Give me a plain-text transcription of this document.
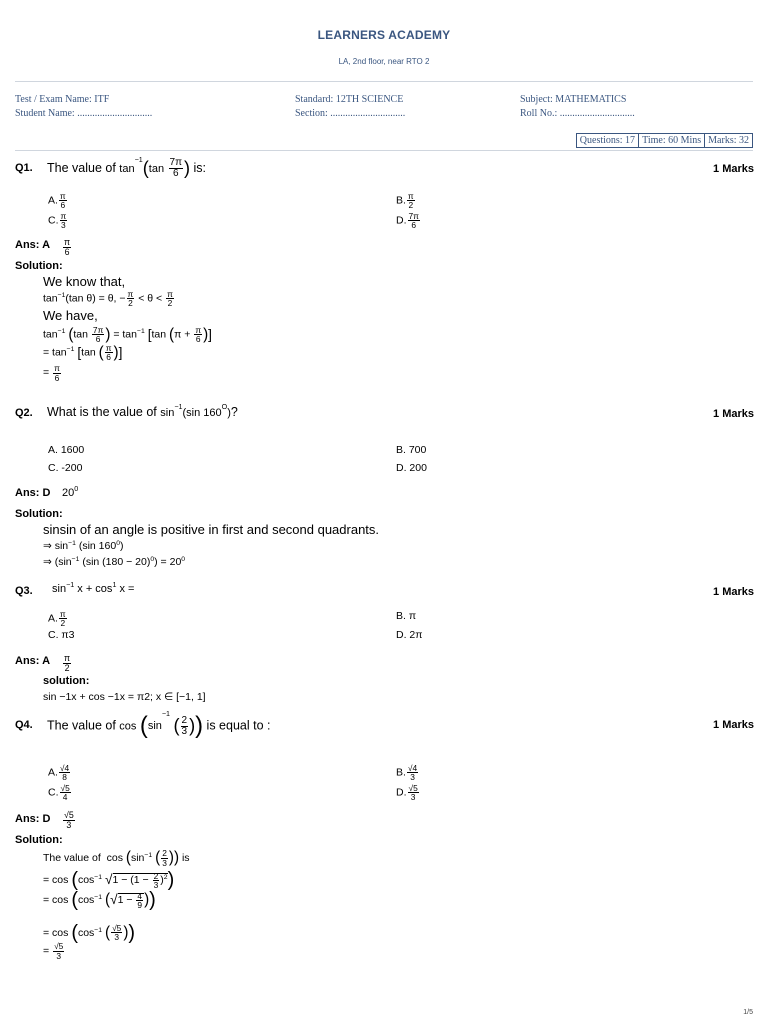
LEARNERS ACADEMY
LA, 2nd floor, near RTO 2
Test / Exam Name: ITF
Student Name: ..............................
Standard: 12TH SCIENCE
Section: ..............................
Subject: MATHEMATICS
Roll No.: ..............................
Questions: 17 Time: 60 Mins Marks: 32
Q1. The value of $\tan^{-1}(\tan \frac{7\pi}{6}$ ) is:	1 Marks
A. $\frac{\pi}{6}$	B. $\frac{\pi}{2}$
C. $\frac{\pi}{3}$	D. $\frac{7\pi}{6}$
Ans: A $\frac{\pi}{6}$
Solution:
We know that,
$\tan^{-1}(\tan$ θ) = θ, − $\frac{\pi}{2} < \theta < \frac{\pi}{2}$
We have,
$\tan^{-1} (\tan \frac{7\pi}{6}$ ) = $\tan^{-1} [\tan$ ($\pi + \frac{\pi}{6}$ )]
= $\tan^{-1} [\tan$ ( $\frac{\pi}{6}$ )]
= $\frac{\pi}{6}$
Q2. What is the value of $\sin^{-1}(\sin$ $160^O$)?	1 Marks
A. 1600	B. 700
C. -200	D. 200
Ans: D $20^0$
Solution:
sinsin of an angle is positive in first and second quadrants.
⇒ $\sin^{-1} (\sin$ $160^0$)
⇒ ($\sin^{-1}$ (sin $(180 - 20)^0) = 20^0$
Q3. $\sin^{-1} x + \cos^1 x$ =	1 Marks
A. $\frac{\pi}{2}$	B. π
C. π3	D. 2π
Ans: A $\frac{\pi}{2}$
solution:
sin −1x + cos −1x = π2; x ∈ [−1, 1]
Q4. The value of $\cos (\sin^{-1}$ ( $\frac{2}{3}$ )) is equal to :	1 Marks
A. $\frac{√4}{8}$	B. $\frac{√4}{3}$
C. $\frac{√5}{4}$	D. $\frac{√5}{3}$
Ans: D $\frac{√5}{3}$
Solution:
The value of  $\cos (\sin^{-1}$ ( $\frac{2}{3}$ )) is
= $\cos (\cos^{-1}$ $√1 - (1 - \frac{2}{3} )^2$)
= $\cos (\cos^{-1}$ ($√1 - \frac{4}{9}$ ))
= $\cos (\cos^{-1}$ ( $\frac{√5}{3}$ ))
= $\frac{√5}{3}$
1/5
